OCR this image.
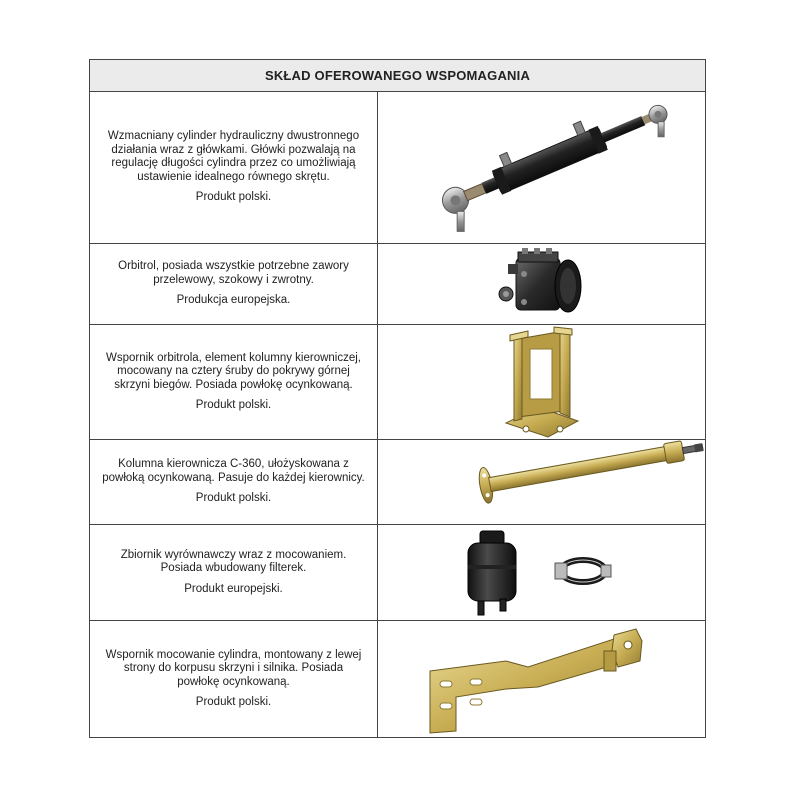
SKŁAD OFEROWANEGO WSPOMAGANIA

Wzmacniany cylinder hydrauliczny dwustronnego działania wraz z główkami. Główki pozwalają na regulację długości cylindra przez co umożliwiają ustawienie idealnego równego skrętu.

Produkt polski.

Orbitrol, posiada wszystkie potrzebne zawory przelewowy, szokowy i zwrotny.

Produkcja europejska.

Wspornik orbitrola, element kolumny kierowniczej, mocowany na cztery śruby do pokrywy górnej skrzyni biegów. Posiada powłokę ocynkowaną.

Produkt polski.

Kolumna kierownicza C-360, ułożyskowana z powłoką ocynkowaną. Pasuje do każdej kierownicy.

Produkt polski.

Zbiornik wyrównawczy wraz z mocowaniem. Posiada wbudowany filterek.

Produkt europejski.

Wspornik mocowanie cylindra, montowany z lewej strony do korpusu skrzyni i silnika. Posiada powłokę ocynkowaną.

Produkt polski.
